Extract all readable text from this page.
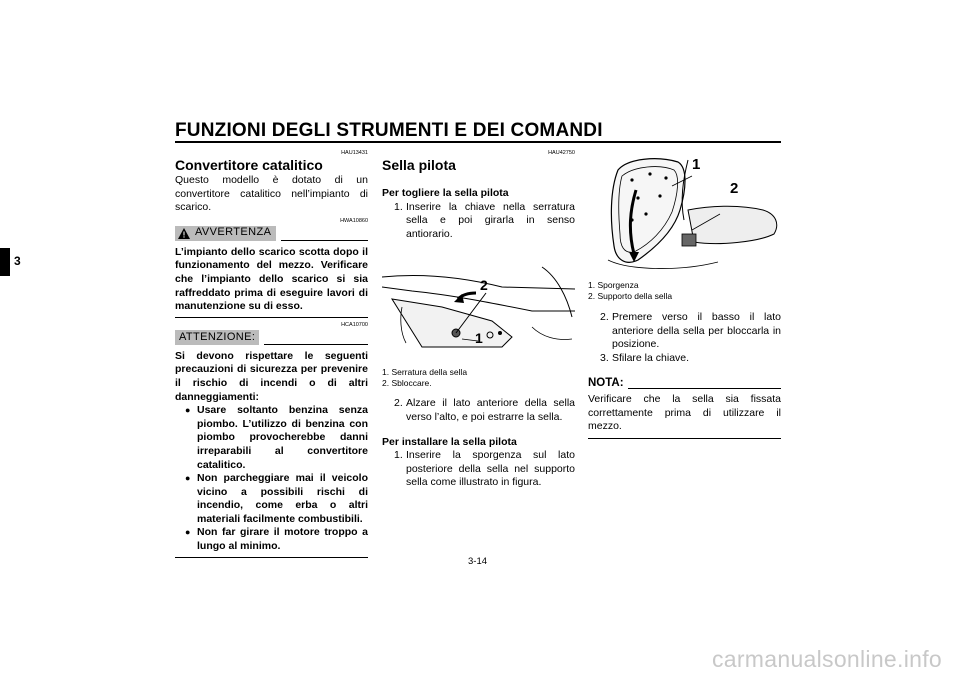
FUNZIONI DEGLI STRUMENTI E DEI COMANDI
3
HAU13431
Convertitore catalitico
Questo modello è dotato di un convertitore catalitico nell’impianto di scarico.
HWA10860
AVVERTENZA
L’impianto dello scarico scotta dopo il funzionamento del mezzo. Verificare che l’impianto dello scarico si sia raffreddato prima di eseguire lavori di manutenzione su di esso.
HCA10700
ATTENZIONE:
Si devono rispettare le seguenti precauzioni di sicurezza per prevenire il rischio di incendi o di altri danneggiamenti:
● Usare soltanto benzina senza piombo. L’utilizzo di benzina con piombo provocherebbe danni irreparabili al convertitore catalitico.
● Non parcheggiare mai il veicolo vicino a possibili rischi di incendio, come erba o altri materiali facilmente combustibili.
● Non far girare il motore troppo a lungo al minimo.
HAU42750
Sella pilota
Per togliere la sella pilota
1. Inserire la chiave nella serratura sella e poi girarla in senso antiorario.
2
1
1. Serratura della sella
2. Sbloccare.
2. Alzare il lato anteriore della sella verso l’alto, e poi estrarre la sella.
Per installare la sella pilota
1. Inserire la sporgenza sul lato posteriore della sella nel supporto sella come illustrato in figura.
1
2
1. Sporgenza
2. Supporto della sella
2. Premere verso il basso il lato anteriore della sella per bloccarla in posizione.
3. Sfilare la chiave.
NOTA:
Verificare che la sella sia fissata correttamente prima di utilizzare il mezzo.
3-14
carmanualsonline.info
